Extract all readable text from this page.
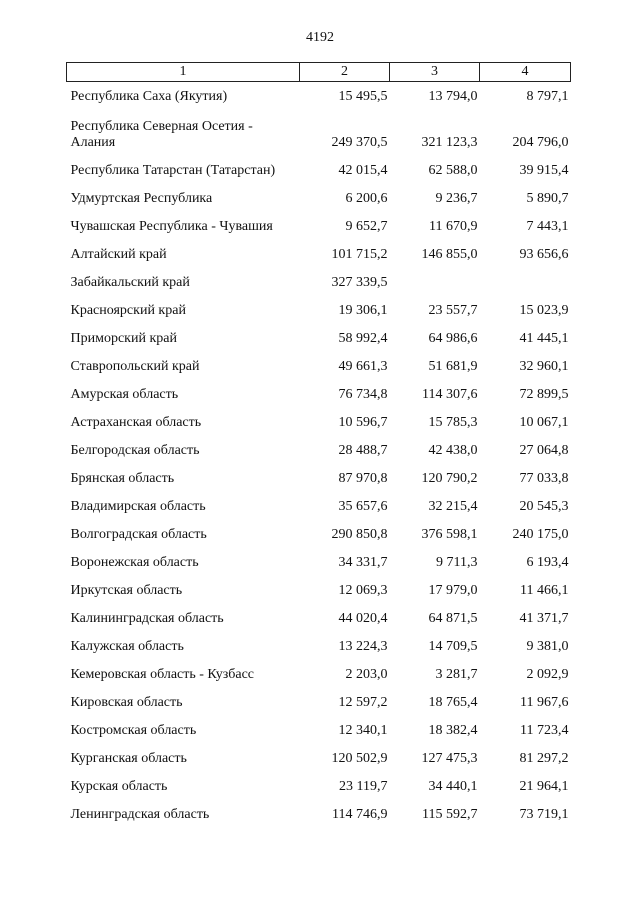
4192
1	2	3	4
Республика Саха (Якутия)	15 495,5	13 794,0	8 797,1
Республика Северная Осетия - Алания	249 370,5	321 123,3	204 796,0
Республика Татарстан (Татарстан)	42 015,4	62 588,0	39 915,4
Удмуртская Республика	6 200,6	9 236,7	5 890,7
Чувашская Республика - Чувашия	9 652,7	11 670,9	7 443,1
Алтайский край	101 715,2	146 855,0	93 656,6
Забайкальский край	327 339,5		
Красноярский край	19 306,1	23 557,7	15 023,9
Приморский край	58 992,4	64 986,6	41 445,1
Ставропольский край	49 661,3	51 681,9	32 960,1
Амурская область	76 734,8	114 307,6	72 899,5
Астраханская область	10 596,7	15 785,3	10 067,1
Белгородская область	28 488,7	42 438,0	27 064,8
Брянская область	87 970,8	120 790,2	77 033,8
Владимирская область	35 657,6	32 215,4	20 545,3
Волгоградская область	290 850,8	376 598,1	240 175,0
Воронежская область	34 331,7	9 711,3	6 193,4
Иркутская область	12 069,3	17 979,0	11 466,1
Калининградская область	44 020,4	64 871,5	41 371,7
Калужская область	13 224,3	14 709,5	9 381,0
Кемеровская область - Кузбасс	2 203,0	3 281,7	2 092,9
Кировская область	12 597,2	18 765,4	11 967,6
Костромская область	12 340,1	18 382,4	11 723,4
Курганская область	120 502,9	127 475,3	81 297,2
Курская область	23 119,7	34 440,1	21 964,1
Ленинградская область	114 746,9	115 592,7	73 719,1
